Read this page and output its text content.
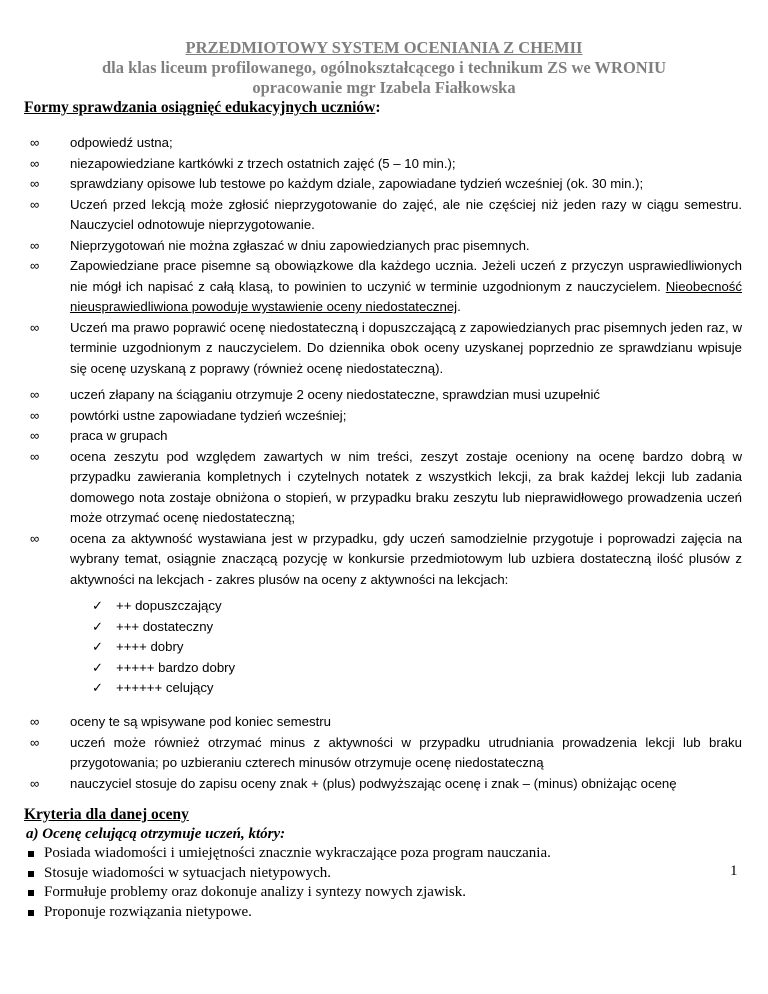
PRZEDMIOTOWY SYSTEM OCENIANIA Z CHEMII
dla klas liceum profilowanego, ogólnokształcącego i technikum ZS we WRONIU
opracowanie mgr Izabela Fiałkowska
Formy sprawdzania osiągnięć edukacyjnych uczniów:
∞ odpowiedź ustna;
∞ niezapowiedziane kartkówki z trzech ostatnich zajęć (5 – 10 min.);
∞ sprawdziany opisowe lub testowe po każdym dziale, zapowiadane tydzień wcześniej (ok. 30 min.);
∞ Uczeń przed lekcją może zgłosić nieprzygotowanie do zajęć, ale nie częściej niż jeden razy w ciągu semestru. Nauczyciel odnotowuje nieprzygotowanie.
∞ Nieprzygotowań nie można zgłaszać w dniu zapowiedzianych prac pisemnych.
∞ Zapowiedziane prace pisemne są obowiązkowe dla każdego ucznia. Jeżeli uczeń z przyczyn usprawiedliwionych nie mógł ich napisać z całą klasą, to powinien to uczynić w terminie uzgodnionym z nauczycielem. Nieobecność nieusprawiedliwiona powoduje wystawienie oceny niedostatecznej.
∞ Uczeń ma prawo poprawić ocenę niedostateczną i dopuszczającą z zapowiedzianych prac pisemnych jeden raz, w terminie uzgodnionym z nauczycielem. Do dziennika obok oceny uzyskanej poprzednio ze sprawdzianu wpisuje się ocenę uzyskaną z poprawy (również ocenę niedostateczną).
∞ uczeń złapany na ściąganiu otrzymuje 2 oceny niedostateczne, sprawdzian musi uzupełnić
∞ powtórki ustne zapowiadane tydzień wcześniej;
∞ praca w grupach
∞ ocena zeszytu pod względem zawartych w nim treści, zeszyt zostaje oceniony na ocenę bardzo dobrą w przypadku zawierania kompletnych i czytelnych notatek z wszystkich lekcji, za brak każdej lekcji lub zadania domowego nota zostaje obniżona o stopień, w przypadku braku zeszytu lub nieprawidłowego prowadzenia uczeń może otrzymać ocenę niedostateczną;
∞ ocena za aktywność wystawiana jest w przypadku, gdy uczeń samodzielnie przygotuje i poprowadzi zajęcia na wybrany temat, osiągnie znaczącą pozycję w konkursie przedmiotowym lub uzbiera dostateczną ilość plusów z aktywności na lekcjach - zakres plusów na oceny z aktywności na lekcjach:
✓ ++ dopuszczający
✓ +++ dostateczny
✓ ++++ dobry
✓ +++++ bardzo dobry
✓ ++++++ celujący
∞ oceny te są wpisywane pod koniec semestru
∞ uczeń może również otrzymać minus z aktywności w przypadku utrudniania prowadzenia lekcji lub braku przygotowania; po uzbieraniu czterech minusów otrzymuje ocenę niedostateczną
∞ nauczyciel stosuje do zapisu oceny znak + (plus) podwyższając ocenę i znak – (minus) obniżając ocenę
Kryteria dla danej oceny
a) Ocenę celującą otrzymuje uczeń, który:
Posiada wiadomości i umiejętności znacznie wykraczające poza program nauczania.
Stosuje wiadomości w sytuacjach nietypowych.
Formułuje problemy oraz dokonuje analizy i syntezy nowych zjawisk.
Proponuje rozwiązania nietypowe.
1
